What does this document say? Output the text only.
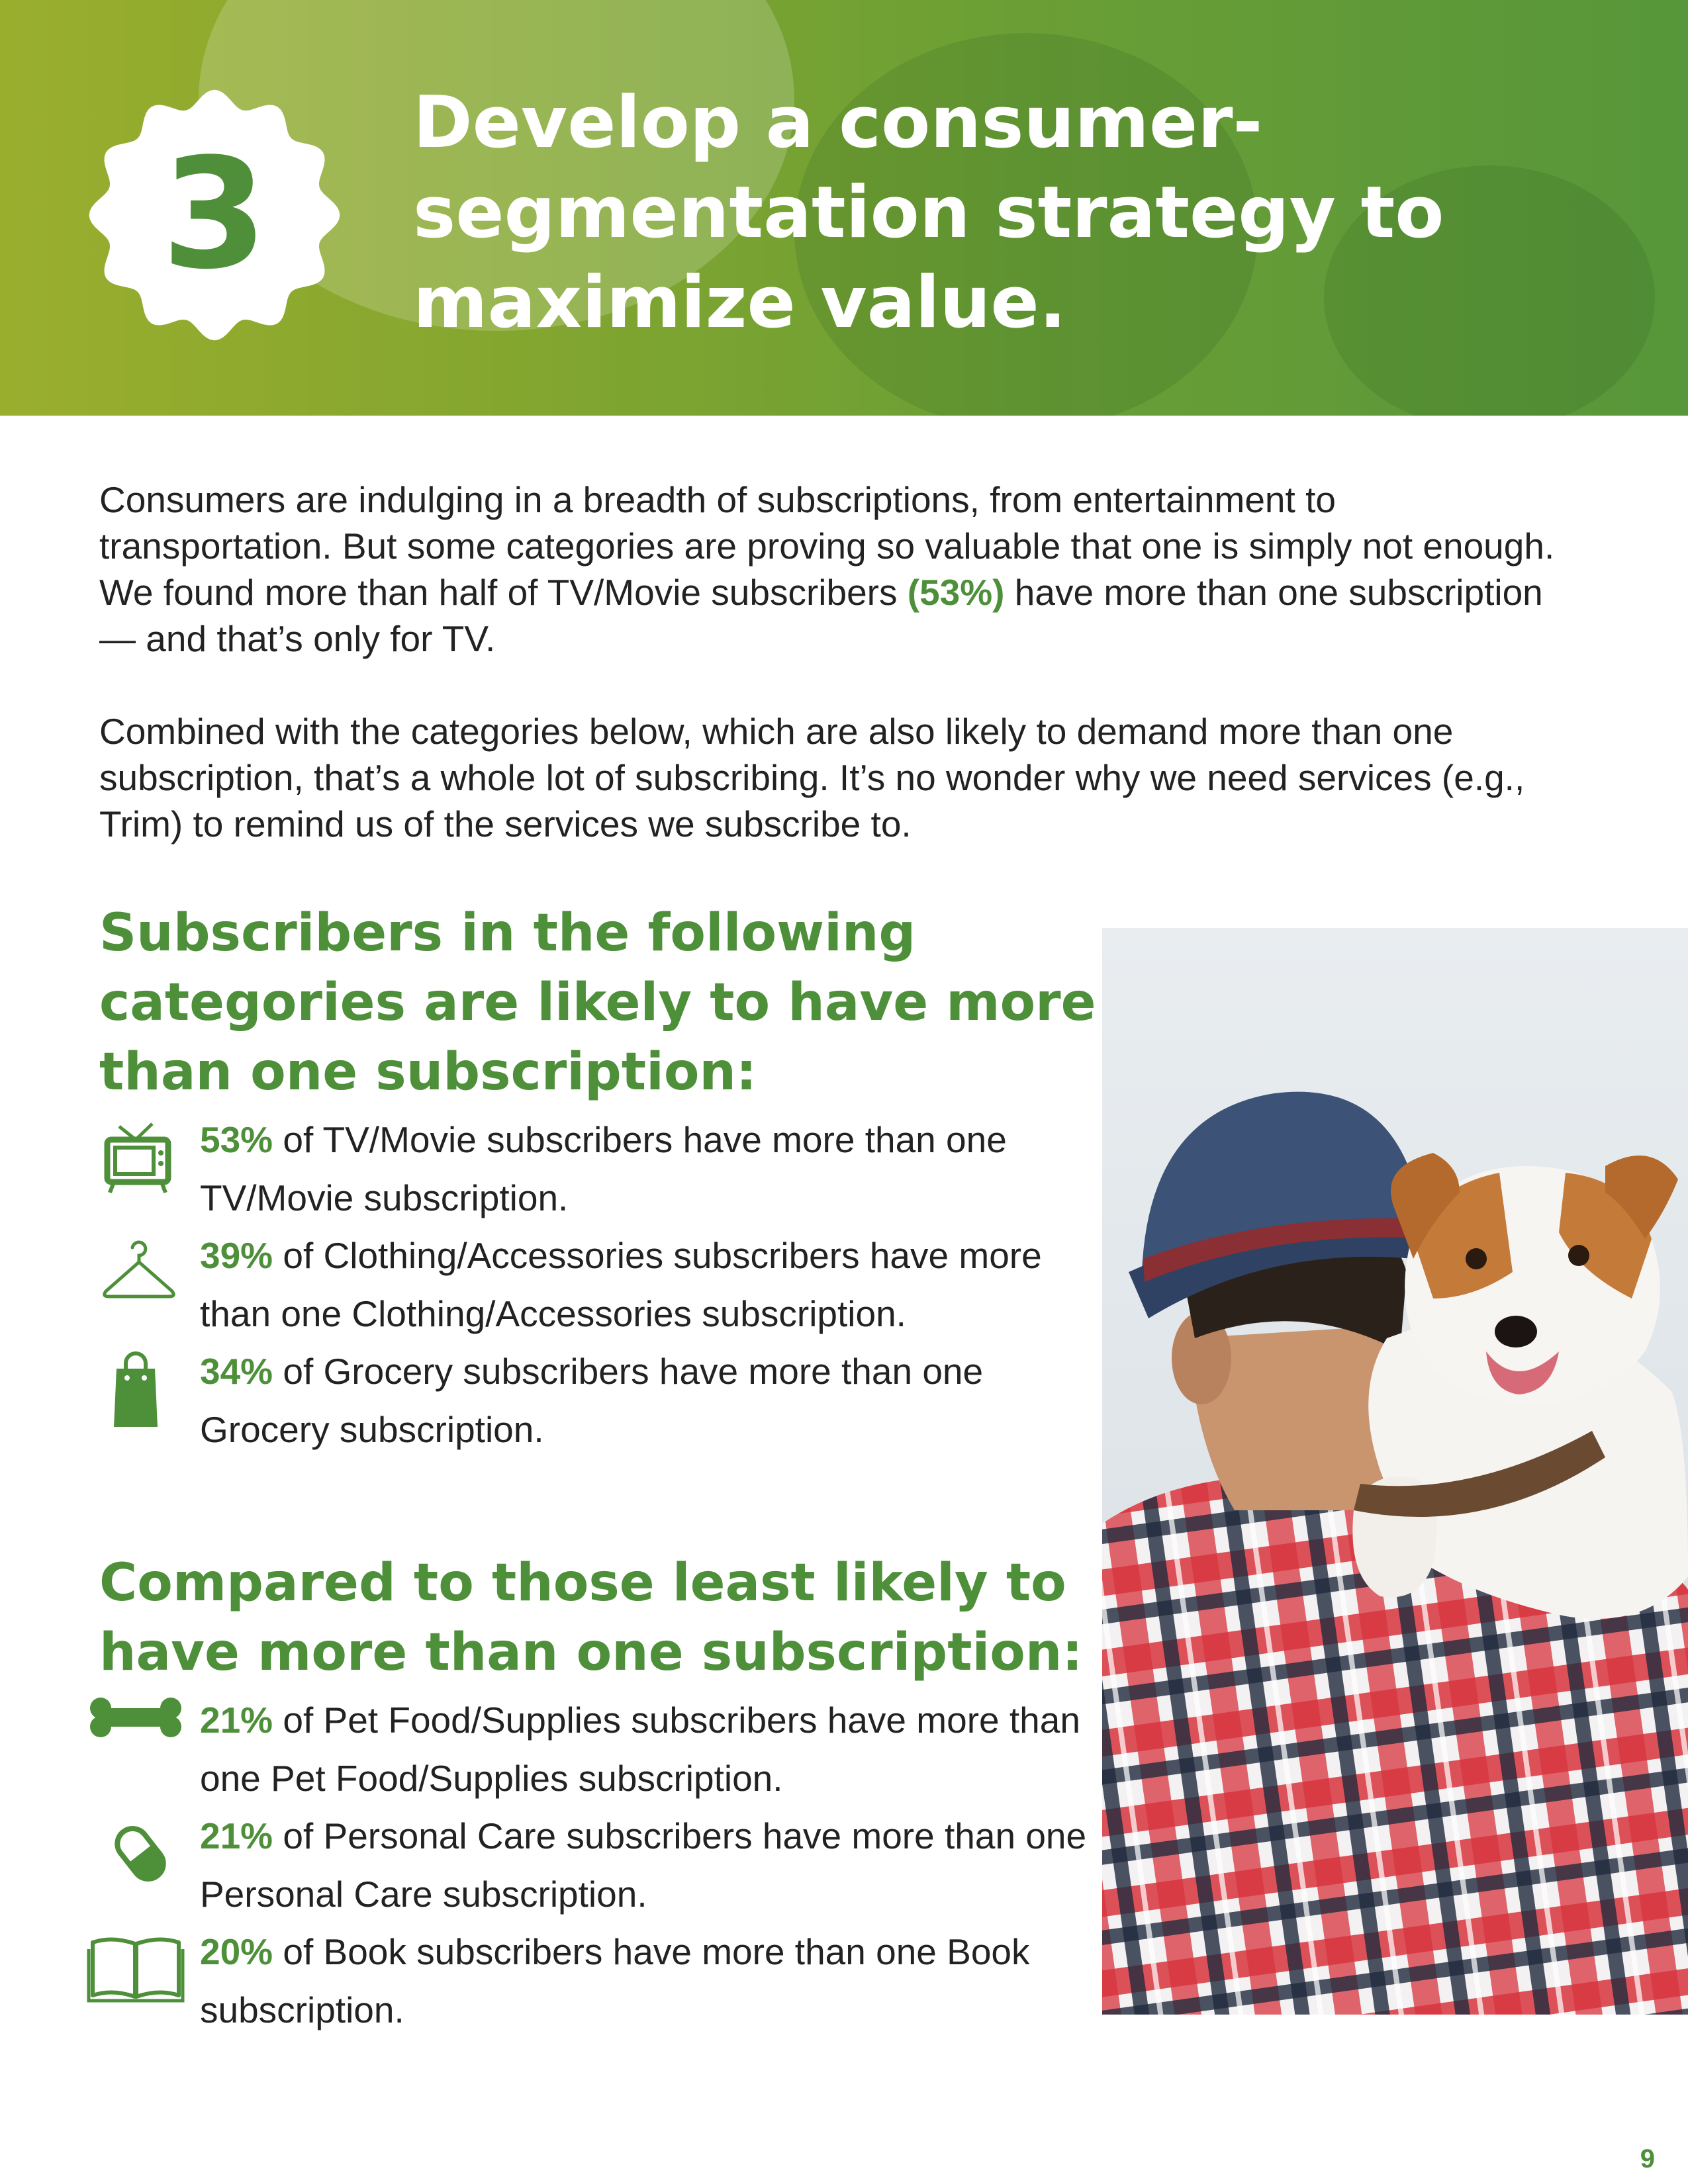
3
Develop a consumer-
segmentation strategy to
maximize value.

Consumers are indulging in a breadth of subscriptions, from entertainment to transportation. But some categories are proving so valuable that one is simply not enough. We found more than half of TV/Movie subscribers (53%) have more than one subscription — and that’s only for TV.

Combined with the categories below, which are also likely to demand more than one subscription, that’s a whole lot of subscribing. It’s no wonder why we need services (e.g., Trim) to remind us of the services we subscribe to.

Subscribers in the following categories are likely to have more than one subscription:
53% of TV/Movie subscribers have more than one TV/Movie subscription.
39% of Clothing/Accessories subscribers have more than one Clothing/Accessories subscription.
34% of Grocery subscribers have more than one Grocery subscription.
Compared to those least likely to have more than one subscription:
21% of Pet Food/Supplies subscribers have more than one Pet Food/Supplies subscription.
21% of Personal Care subscribers have more than one Personal Care subscription.
20% of Book subscribers have more than one Book subscription.
9
